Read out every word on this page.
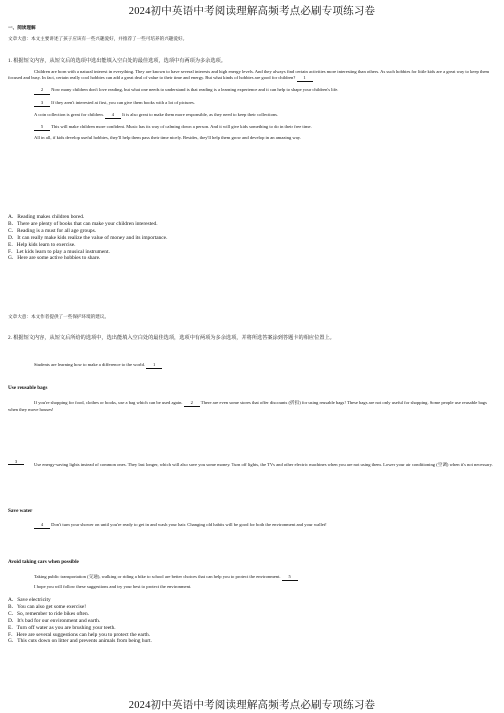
2024初中英语中考阅读理解高频考点必刷专项练习卷
一、阅读理解
文章大意：本文主要讲述了孩子应该有一些兴趣爱好，并推荐了一些可培养的兴趣爱好。
1. 根据短文内容，从短文后的选项中选出能填入空白处的最佳选项，选项中有两项为多余选项。

Children are born with a natural interest in everything. They are known to have several interests and high energy levels. And they always find certain activities more interesting than others. As such hobbies for little kids are a great way to keep them focused and busy. In fact, certain really cool hobbies can add a great deal of value to their time and energy. But what kinds of hobbies are good for children? 1

2 Now many children don't love reading, but what one needs to understand is that reading is a learning experience and it can help to shape your children's life.

3 If they aren't interested at first, you can give them books with a lot of pictures.

A coin collection is great for children. 4 It is also great to make them more responsible, as they need to keep their collections.

5 This will make children more confident. Music has its way of calming down a person. And it will give kids something to do in their free time.

All in all, if kids develop useful hobbies, they'll help them pass their time nicely. Besides, they'll help them grow and develop in an amazing way.

A．Reading makes children bored.

B．There are plenty of books that can make your children interested.

C．Reading is a must for all age groups.

D．It can really make kids realize the value of money and its importance.

E．Help kids learn to exercise.

F．Let kids learn to play a musical instrument.

G．Here are some active hobbies to share.

文章大意：本文作者提供了一些保护环境的建议。
2. 根据短文内容，从短文后所给的选项中，选出能填入空白处的最佳选项，选项中有两项为多余选项，并将所选答案涂到答题卡的相应位置上。

Students are learning how to make a difference to the world. 1

Use reusable bags

If you're shopping for food, clothes or books, use a bag which can be used again. 2 There are even some stores that offer discounts (折扣) for using reusable bags! These bags are not only useful for shopping. Some people use reusable bags when they move houses!

3

Use energy-saving lights instead of common ones. They last longer, which will also save you some money. Turn off lights, the TVs and other electric machines when you are not using them. Lower your air conditioning (空调) when it's not necessary.

Save water

4 Don't turn your shower on until you're ready to get in and wash your hair. Changing old habits will be good for both the environment and your wallet!

Avoid taking cars when possible

Taking public transportation (交通), walking or riding a bike to school are better choices that can help you to protect the environment. 5

I hope you will follow these suggestions and try your best to protect the environment.

A．Save electricity

B．You can also get some exercise!

C．So, remember to ride bikes often.

D．It's bad for our environment and earth.

E．Turn off water as you are brushing your teeth.

F．Here are several suggestions can help you to protect the earth.

G．This cuts down on litter and prevents animals from being hurt.

2024初中英语中考阅读理解高频考点必刷专项练习卷
